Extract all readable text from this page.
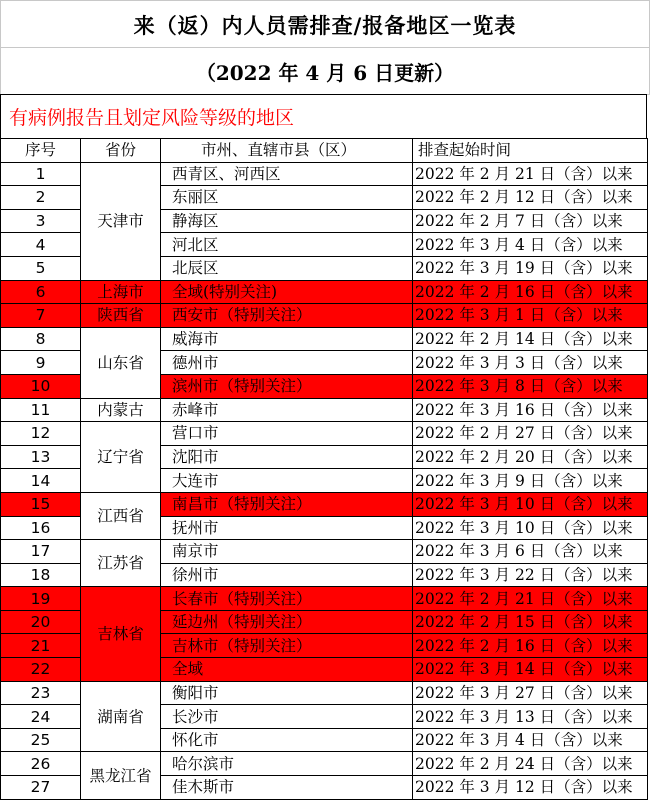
来（返）内人员需排查/报备地区一览表
（2022 年 4 月 6 日更新）
有病例报告且划定风险等级的地区
序号	省份	市州、直辖市县（区）	排查起始时间
1	天津市	西青区、河西区	2022 年 2 月 21 日（含）以来
2		东丽区	2022 年 2 月 12 日（含）以来
3		静海区	2022 年 2 月 7 日（含）以来
4		河北区	2022 年 3 月 4 日（含）以来
5		北辰区	2022 年 3 月 19 日（含）以来
6	上海市	全域(特别关注)	2022 年 2 月 16 日（含）以来
7	陕西省	西安市（特别关注）	2022 年 3 月 1 日（含）以来
8	山东省	威海市	2022 年 2 月 14 日（含）以来
9		德州市	2022 年 3 月 3 日（含）以来
10		滨州市（特别关注）	2022 年 3 月 8 日（含）以来
11	内蒙古	赤峰市	2022 年 3 月 16 日（含）以来
12	辽宁省	营口市	2022 年 2 月 27 日（含）以来
13		沈阳市	2022 年 2 月 20 日（含）以来
14		大连市	2022 年 3 月 9 日（含）以来
15	江西省	南昌市（特别关注）	2022 年 3 月 10 日（含）以来
16		抚州市	2022 年 3 月 10 日（含）以来
17	江苏省	南京市	2022 年 3 月 6 日（含）以来
18		徐州市	2022 年 3 月 22 日（含）以来
19	吉林省	长春市（特别关注）	2022 年 2 月 21 日（含）以来
20		延边州（特别关注）	2022 年 2 月 15 日（含）以来
21		吉林市（特别关注）	2022 年 2 月 16 日（含）以来
22		全域	2022 年 3 月 14 日（含）以来
23	湖南省	衡阳市	2022 年 3 月 27 日（含）以来
24		长沙市	2022 年 3 月 13 日（含）以来
25		怀化市	2022 年 3 月 4 日（含）以来
26	黑龙江省	哈尔滨市	2022 年 2 月 24 日（含）以来
27		佳木斯市	2022 年 3 月 12 日（含）以来
